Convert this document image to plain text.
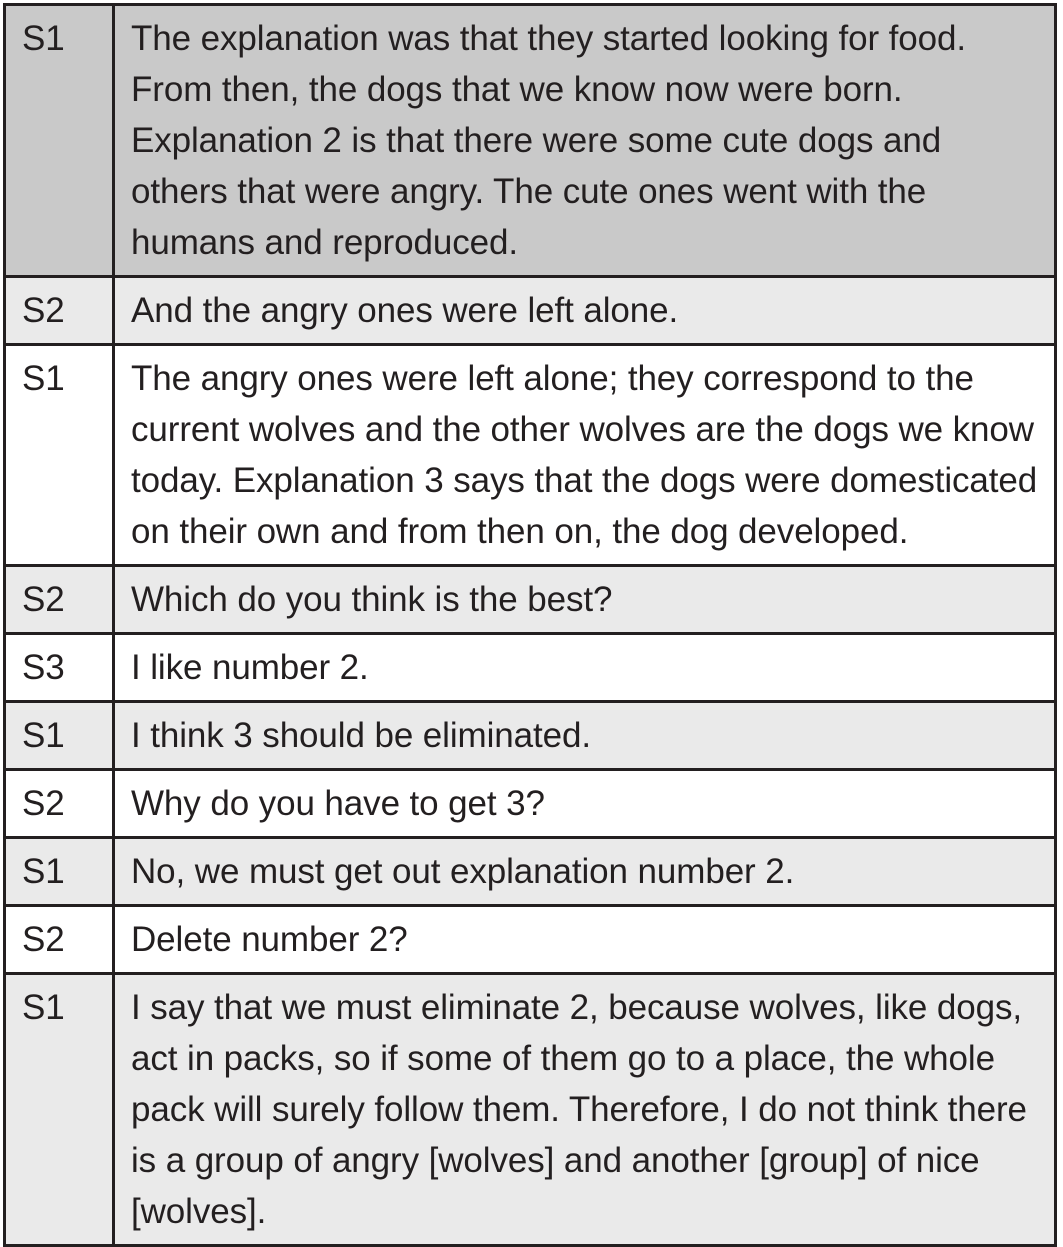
S1	The explanation was that they started looking for food. From then, the dogs that we know now were born. Explanation 2 is that there were some cute dogs and others that were angry. The cute ones went with the humans and reproduced.
S2	And the angry ones were left alone.
S1	The angry ones were left alone; they correspond to the current wolves and the other wolves are the dogs we know today. Explanation 3 says that the dogs were domesticated on their own and from then on, the dog developed.
S2	Which do you think is the best?
S3	I like number 2.
S1	I think 3 should be eliminated.
S2	Why do you have to get 3?
S1	No, we must get out explanation number 2.
S2	Delete number 2?
S1	I say that we must eliminate 2, because wolves, like dogs, act in packs, so if some of them go to a place, the whole pack will surely follow them. Therefore, I do not think there is a group of angry [wolves] and another [group] of nice [wolves].
